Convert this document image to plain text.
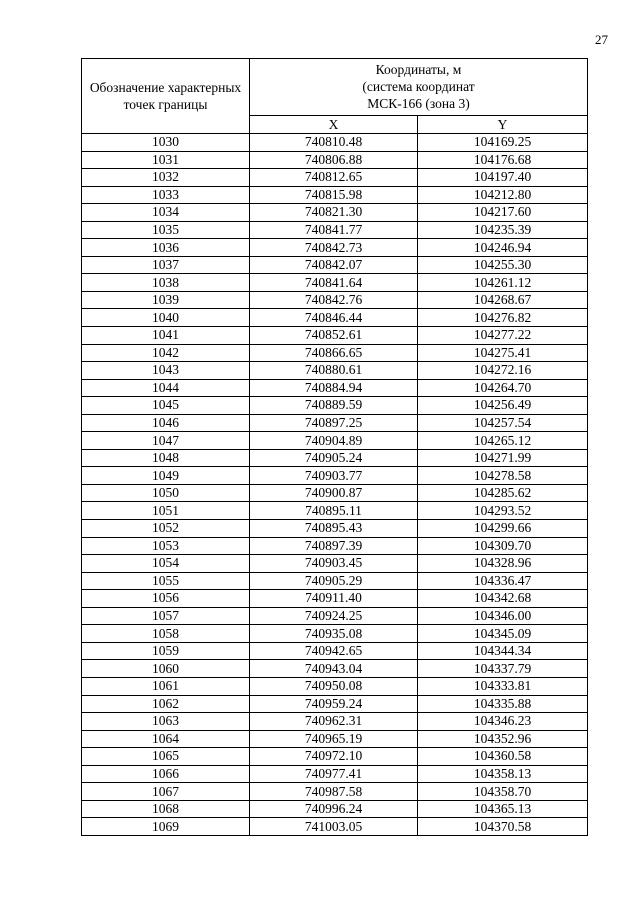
27
Обозначение характерных точек границы	Координаты, м
(система координат
МСК-166 (зона 3)	

	X	Y
1030	740810.48	104169.25
1031	740806.88	104176.68
1032	740812.65	104197.40
1033	740815.98	104212.80
1034	740821.30	104217.60
1035	740841.77	104235.39
1036	740842.73	104246.94
1037	740842.07	104255.30
1038	740841.64	104261.12
1039	740842.76	104268.67
1040	740846.44	104276.82
1041	740852.61	104277.22
1042	740866.65	104275.41
1043	740880.61	104272.16
1044	740884.94	104264.70
1045	740889.59	104256.49
1046	740897.25	104257.54
1047	740904.89	104265.12
1048	740905.24	104271.99
1049	740903.77	104278.58
1050	740900.87	104285.62
1051	740895.11	104293.52
1052	740895.43	104299.66
1053	740897.39	104309.70
1054	740903.45	104328.96
1055	740905.29	104336.47
1056	740911.40	104342.68
1057	740924.25	104346.00
1058	740935.08	104345.09
1059	740942.65	104344.34
1060	740943.04	104337.79
1061	740950.08	104333.81
1062	740959.24	104335.88
1063	740962.31	104346.23
1064	740965.19	104352.96
1065	740972.10	104360.58
1066	740977.41	104358.13
1067	740987.58	104358.70
1068	740996.24	104365.13
1069	741003.05	104370.58
